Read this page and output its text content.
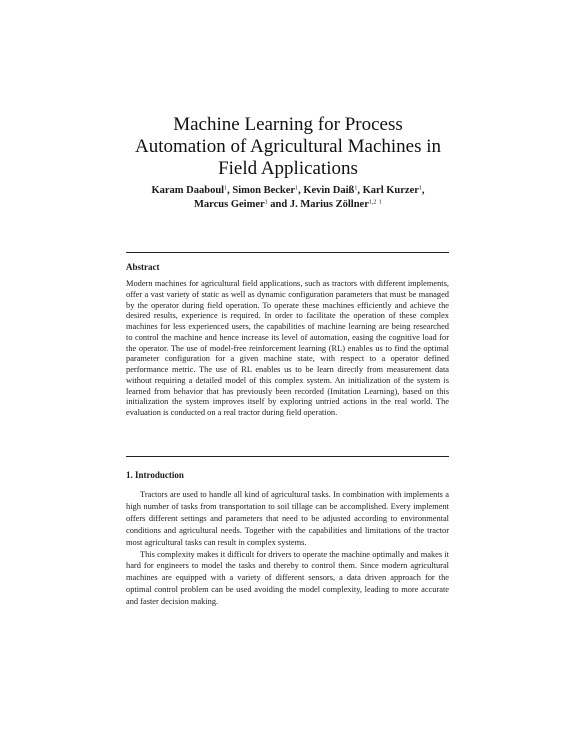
Machine Learning for Process
Automation of Agricultural Machines in
Field Applications
Karam Daaboul$^1$, Simon Becker$^1$, Kevin Daiß$^1$, Karl Kurzer$^1$,
Marcus Geimer$^1$ and J. Marius Zöllner$^{1,2}$ $^1$
Abstract
Modern machines for agricultural field applications, such as tractors with different implements, offer a vast variety of static as well as dynamic configuration parameters that must be managed by the operator during field operation. To operate these machines efficiently and achieve the desired results, experience is required. In order to facilitate the operation of these complex machines for less experienced users, the capabilities of machine learning are being researched to control the machine and hence increase its level of automation, easing the cognitive load for the operator. The use of model-free reinforcement learning (RL) enables us to find the optimal parameter configuration for a given machine state, with respect to a operator defined performance metric. The use of RL enables us to be learn directly from measurement data without requiring a detailed model of this complex system. An initialization of the system is learned from behavior that has previously been recorded (Imitation Learning), based on this initialization the system improves itself by exploring untried actions in the real world. The evaluation is conducted on a real tractor during field operation.
1. Introduction

Tractors are used to handle all kind of agricultural tasks. In combination with implements a high number of tasks from transportation to soil tillage can be accomplished. Every implement offers different settings and parameters that need to be adjusted according to environmental conditions and agricultural needs. Together with the capabilities and limitations of the tractor most agricultural tasks can result in complex systems.

This complexity makes it difficult for drivers to operate the machine optimally and makes it hard for engineers to model the tasks and thereby to control them. Since modern agricultural machines are equipped with a variety of different sensors, a data driven approach for the optimal control problem can be used avoiding the model complexity, leading to more accurate and faster decision making.
